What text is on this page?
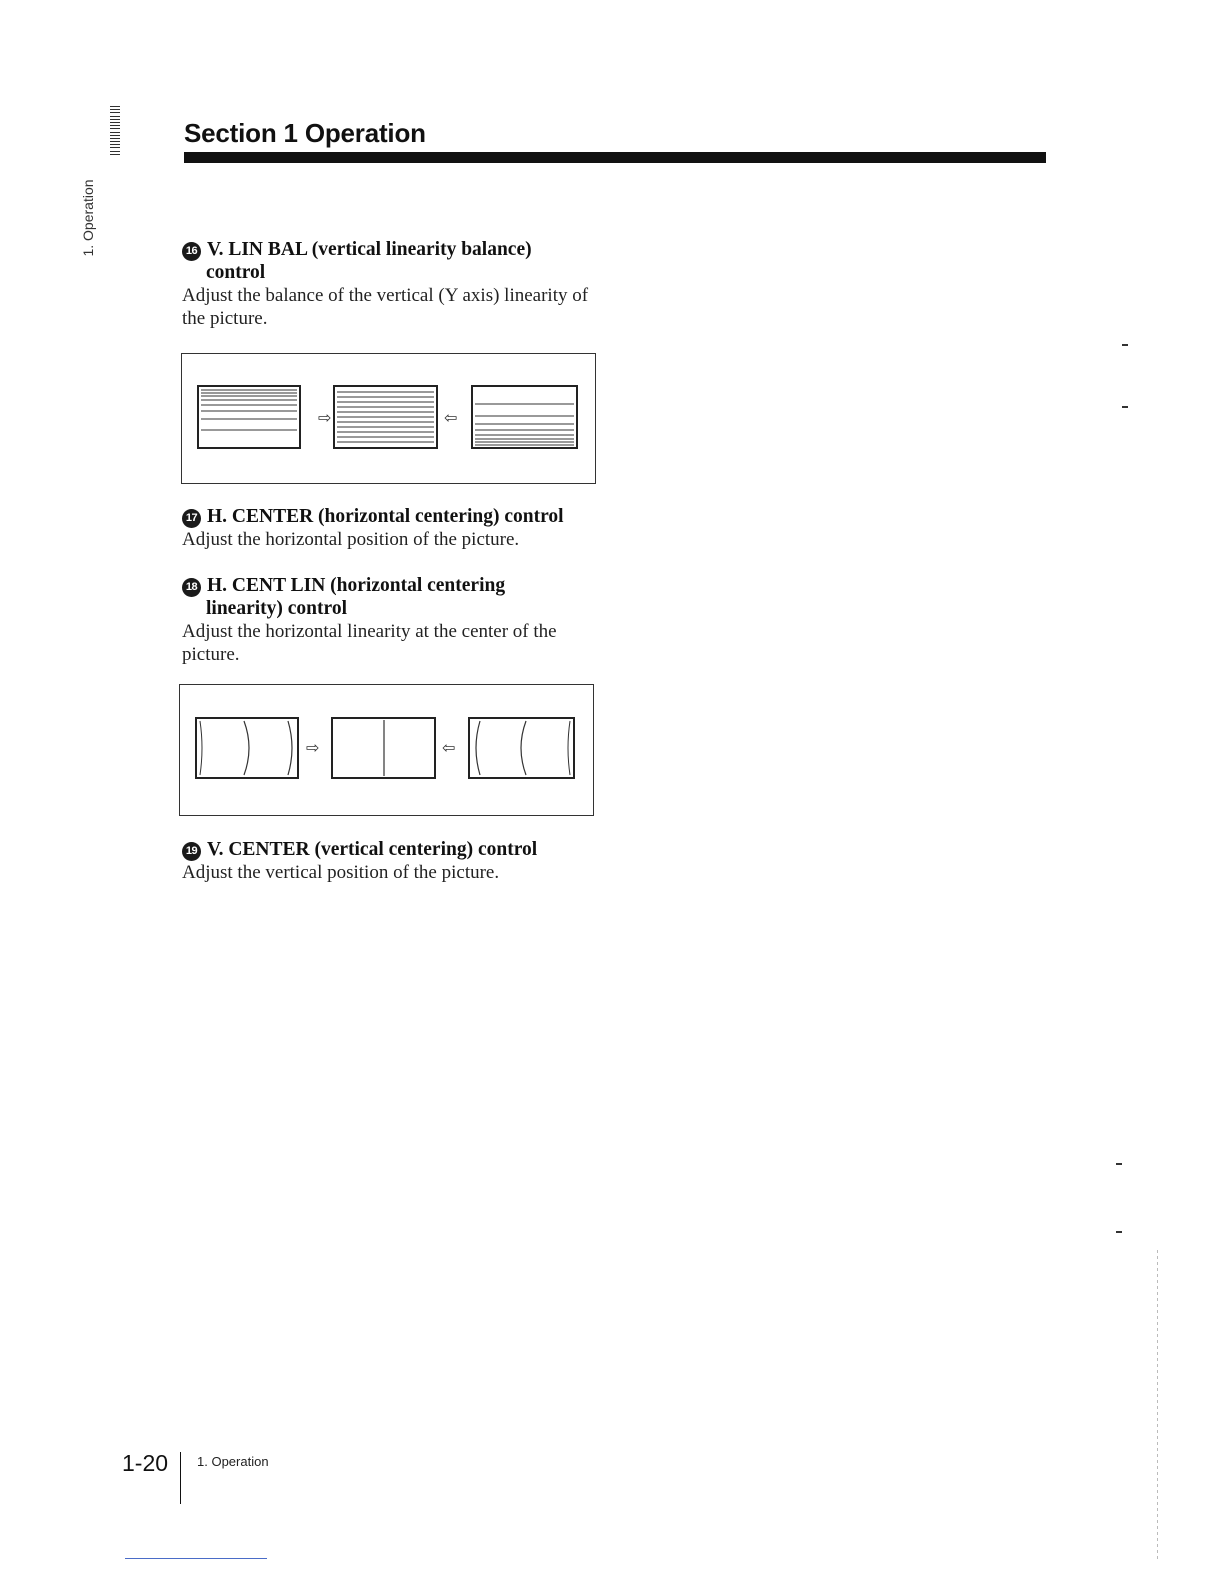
1. Operation
Section 1 Operation
16 V. LIN BAL (vertical linearity balance)
control
Adjust the balance of the vertical (Y axis) linearity of the picture.
⇨	⇦
17 H. CENTER (horizontal centering) control
Adjust the horizontal position of the picture.
18 H. CENT LIN (horizontal centering
linearity) control
Adjust the horizontal linearity at the center of the picture.
⇨	⇦
19 V. CENTER (vertical centering) control
Adjust the vertical position of the picture.
1-20 1. Operation
